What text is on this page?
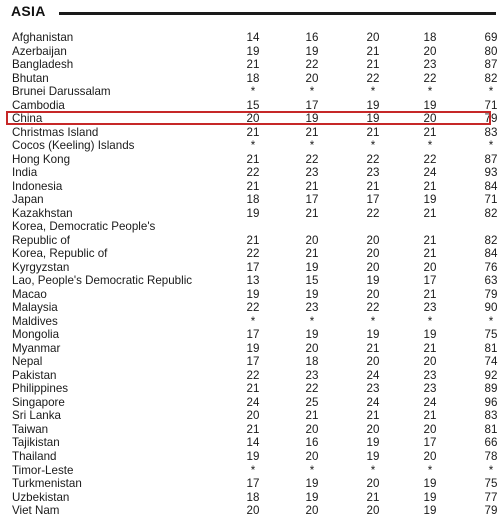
ASIA
Afghanistan	14	16	20	18	69
Azerbaijan	19	19	21	20	80
Bangladesh	21	22	21	23	87
Bhutan	18	20	22	22	82
Brunei Darussalam	*	*	*	*	*
Cambodia	15	17	19	19	71
China	20	19	19	20	79
Christmas Island	21	21	21	21	83
Cocos (Keeling) Islands	*	*	*	*	*
Hong Kong	21	22	22	22	87
India	22	23	23	24	93
Indonesia	21	21	21	21	84
Japan	18	17	17	19	71
Kazakhstan	19	21	22	21	82
Korea, Democratic People's
Republic of	21	20	20	21	82
Korea, Republic of	22	21	20	21	84
Kyrgyzstan	17	19	20	20	76
Lao, People's Democratic Republic	13	15	19	17	63
Macao	19	19	20	21	79
Malaysia	22	23	22	23	90
Maldives	*	*	*	*	*
Mongolia	17	19	19	19	75
Myanmar	19	20	21	21	81
Nepal	17	18	20	20	74
Pakistan	22	23	24	23	92
Philippines	21	22	23	23	89
Singapore	24	25	24	24	96
Sri Lanka	20	21	21	21	83
Taiwan	21	20	20	20	81
Tajikistan	14	16	19	17	66
Thailand	19	20	19	20	78
Timor-Leste	*	*	*	*	*
Turkmenistan	17	19	20	19	75
Uzbekistan	18	19	21	19	77
Viet Nam	20	20	20	19	79
